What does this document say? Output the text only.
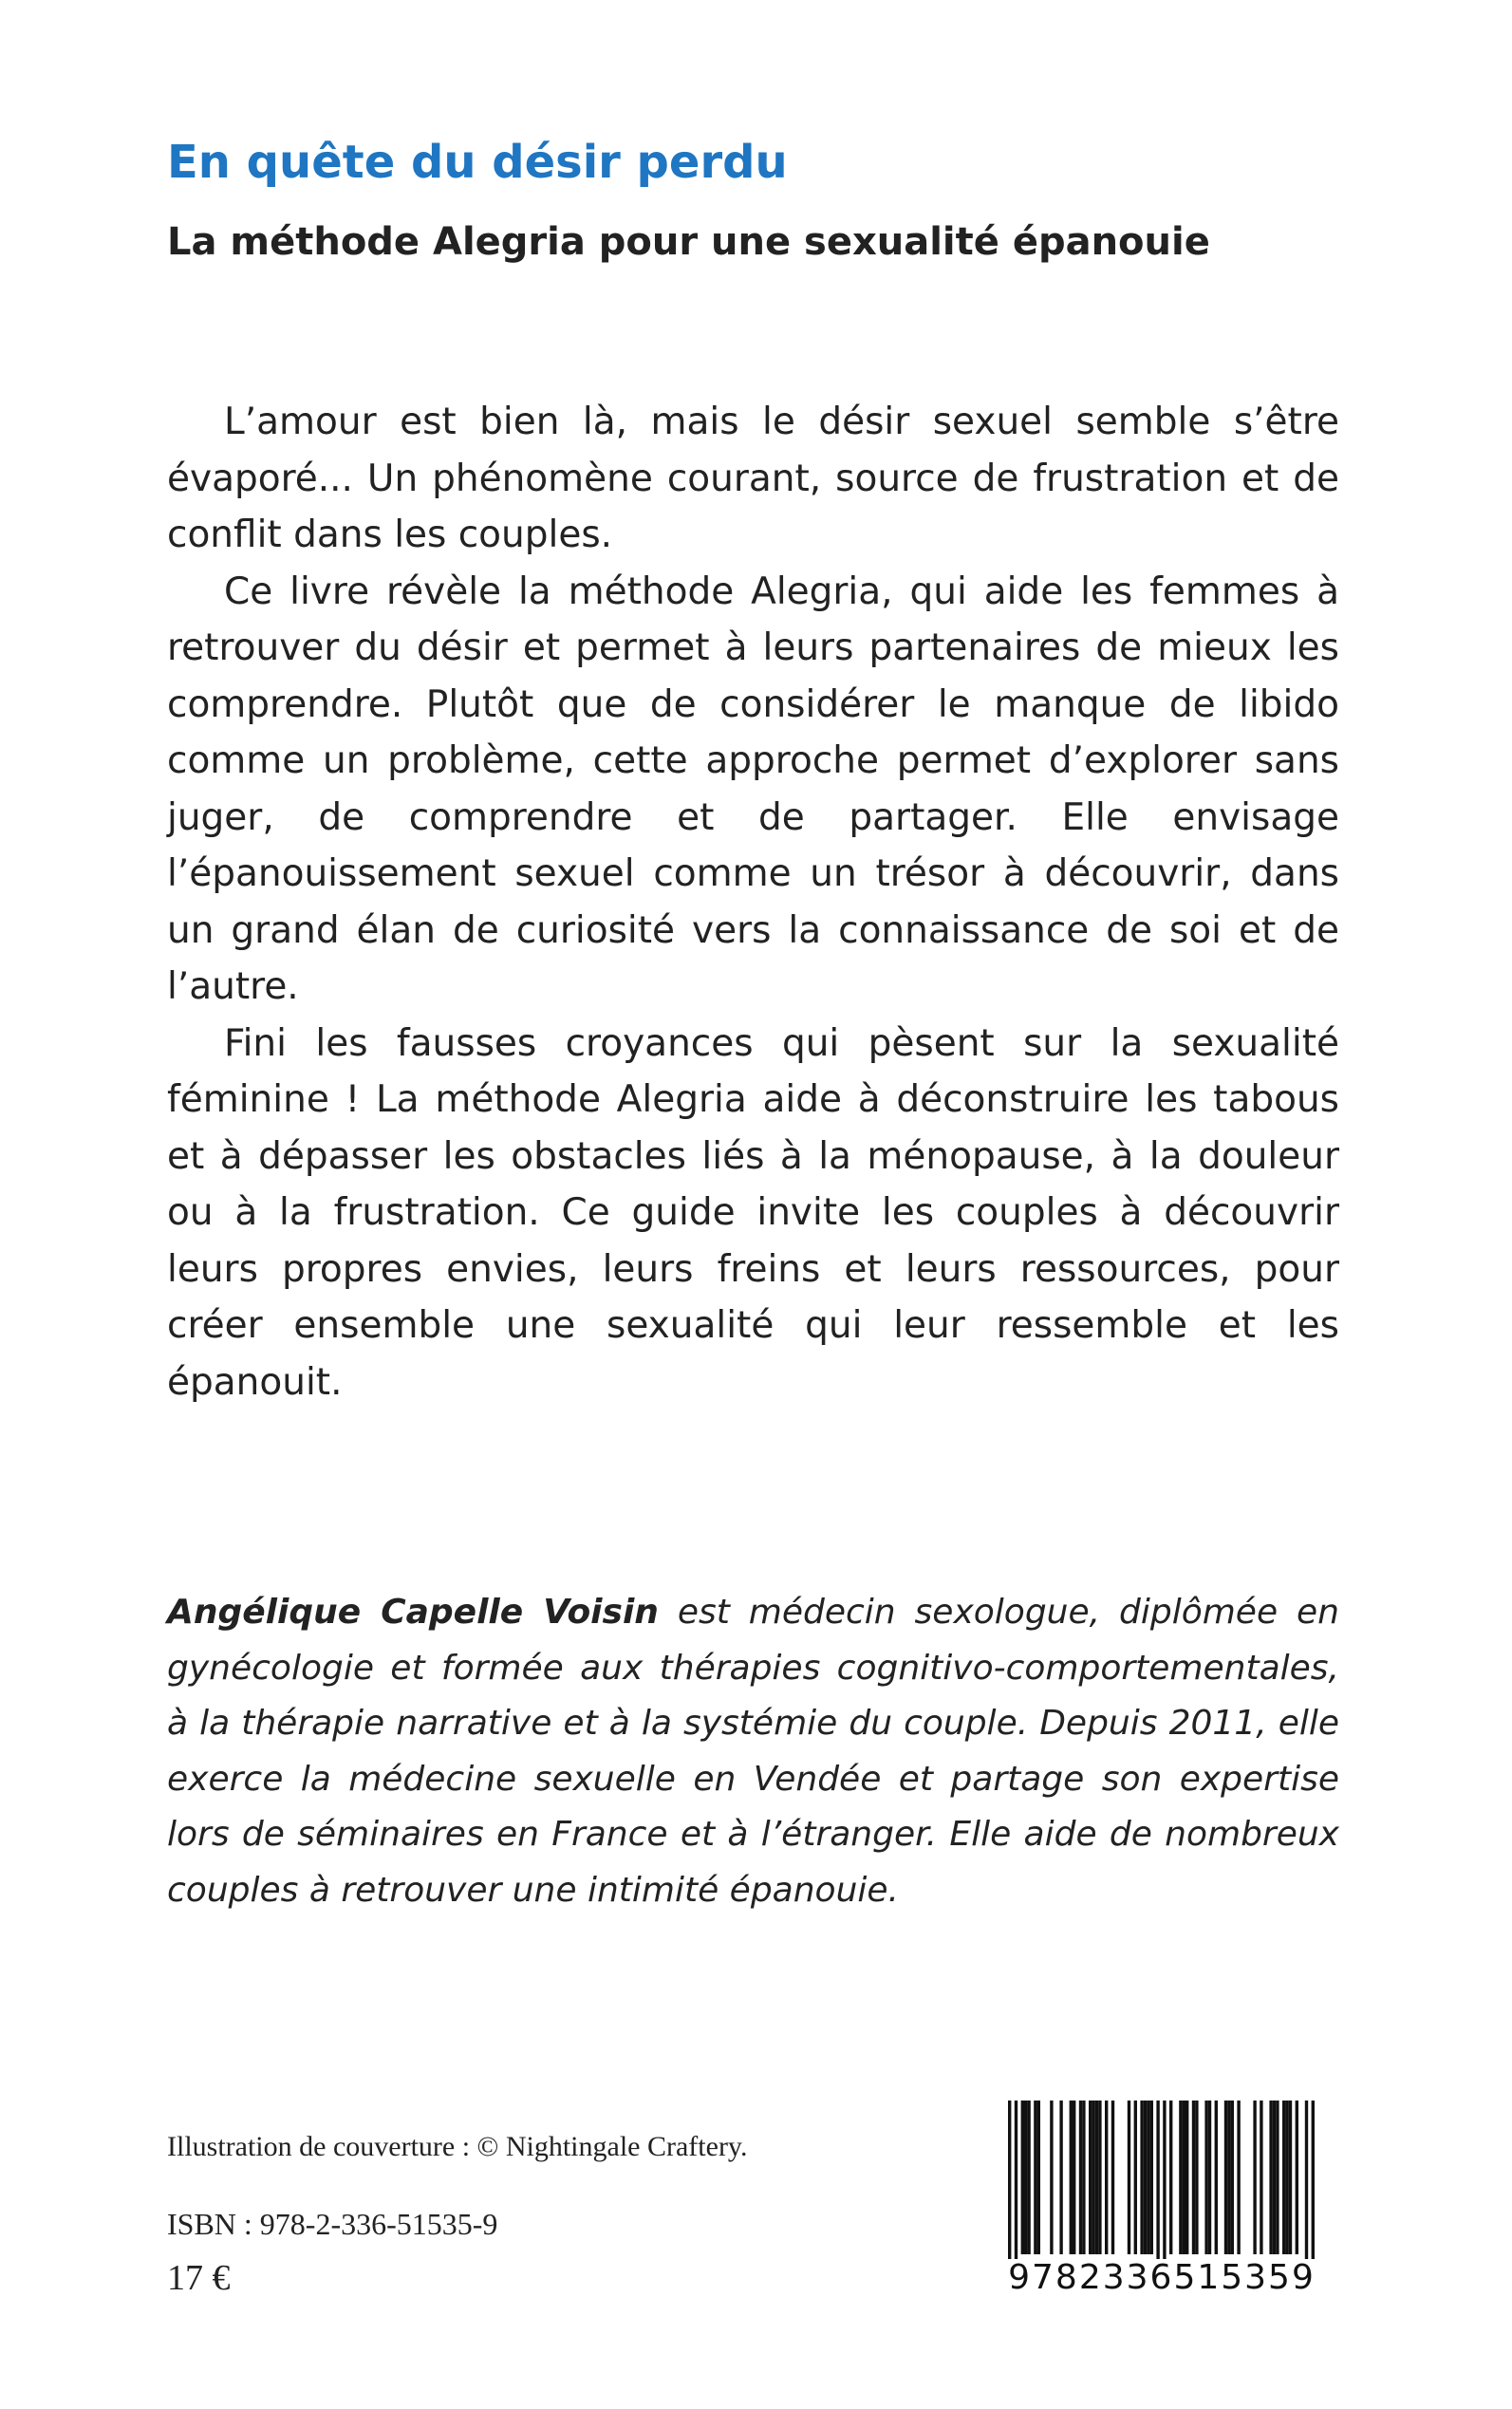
En quête du désir perdu
La méthode Alegria pour une sexualité épanouie

L’amour est bien là, mais le désir sexuel semble s’être évaporé... Un phénomène courant, source de frustration et de conflit dans les couples.

Ce livre révèle la méthode Alegria, qui aide les femmes à retrouver du désir et permet à leurs partenaires de mieux les comprendre. Plutôt que de considérer le manque de libido comme un problème, cette approche permet d’explorer sans juger, de comprendre et de partager. Elle envisage l’épanouissement sexuel comme un trésor à découvrir, dans un grand élan de curiosité vers la connaissance de soi et de l’autre.

Fini les fausses croyances qui pèsent sur la sexualité féminine ! La méthode Alegria aide à déconstruire les tabous et à dépasser les obstacles liés à la ménopause, à la douleur ou à la frustration. Ce guide invite les couples à découvrir leurs propres envies, leurs freins et leurs ressources, pour créer ensemble une sexualité qui leur ressemble et les épanouit.

Angélique Capelle Voisin est médecin sexologue, diplômée en gynécologie et formée aux thérapies cognitivo-comportementales, à la thérapie narrative et à la systémie du couple. Depuis 2011, elle exerce la médecine sexuelle en Vendée et partage son expertise lors de séminaires en France et à l’étranger. Elle aide de nombreux couples à retrouver une intimité épanouie.

Illustration de couverture : © Nightingale Craftery.

ISBN : 978-2-336-51535-9

17 €	9782336515359
